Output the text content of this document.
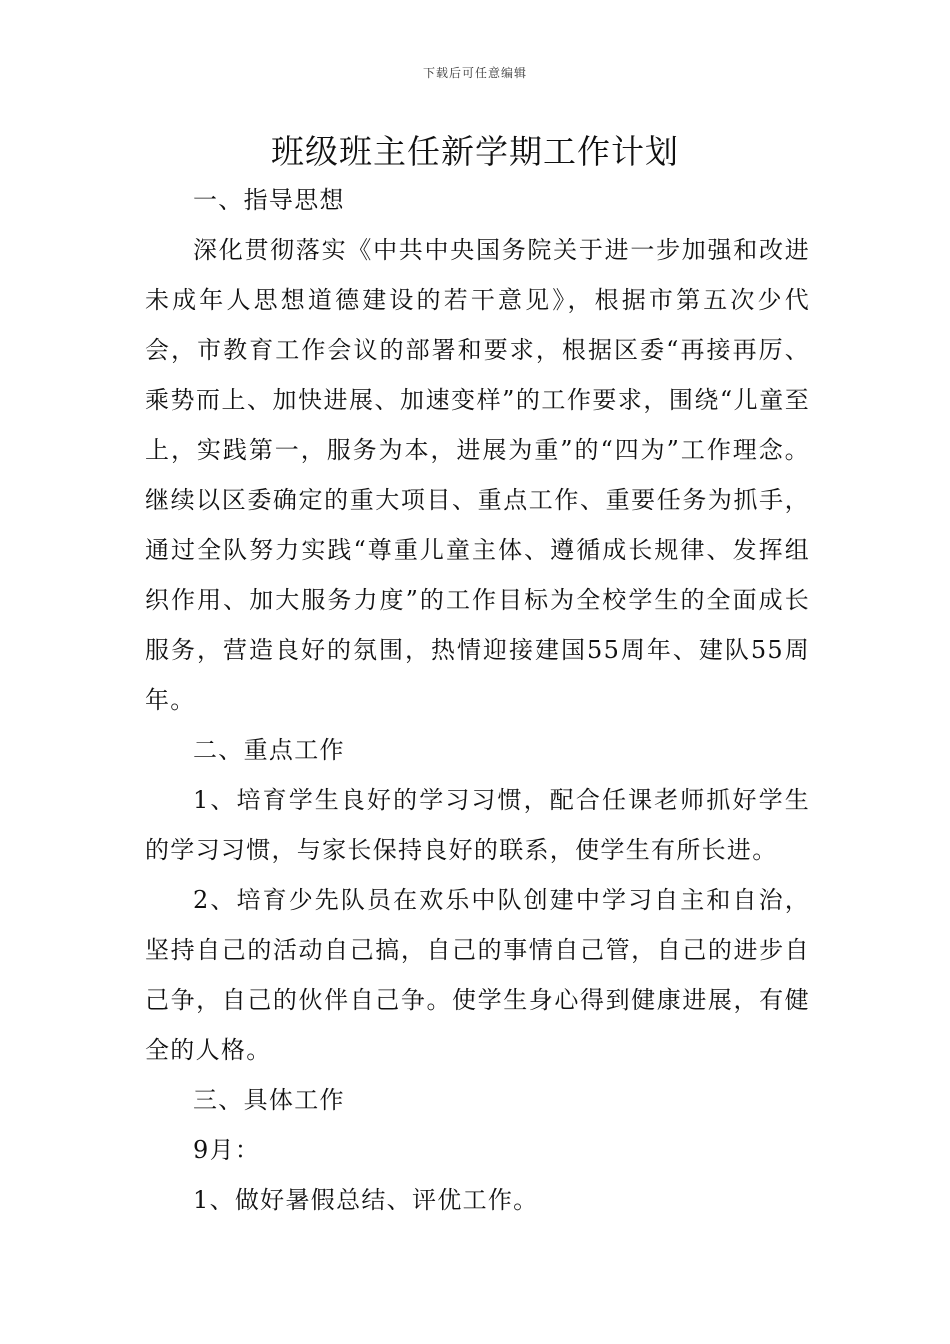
下载后可任意编辑
班级班主任新学期工作计划

一、指导思想

深化贯彻落实《中共中央国务院关于进一步加强和改进未成年人思想道德建设的若干意见》，根据市第五次少代会，市教育工作会议的部署和要求，根据区委“再接再厉、乘势而上、加快进展、加速变样”的工作要求，围绕“儿童至上，实践第一，服务为本，进展为重”的“四为”工作理念。继续以区委确定的重大项目、重点工作、重要任务为抓手，通过全队努力实践“尊重儿童主体、遵循成长规律、发挥组织作用、加大服务力度”的工作目标为全校学生的全面成长服务，营造良好的氛围，热情迎接建国55周年、建队55周年。

二、重点工作

1、培育学生良好的学习习惯，配合任课老师抓好学生的学习习惯，与家长保持良好的联系，使学生有所长进。

2、培育少先队员在欢乐中队创建中学习自主和自治，坚持自己的活动自己搞，自己的事情自己管，自己的进步自己争，自己的伙伴自己争。使学生身心得到健康进展，有健全的人格。

三、具体工作

9月：

1、做好暑假总结、评优工作。
